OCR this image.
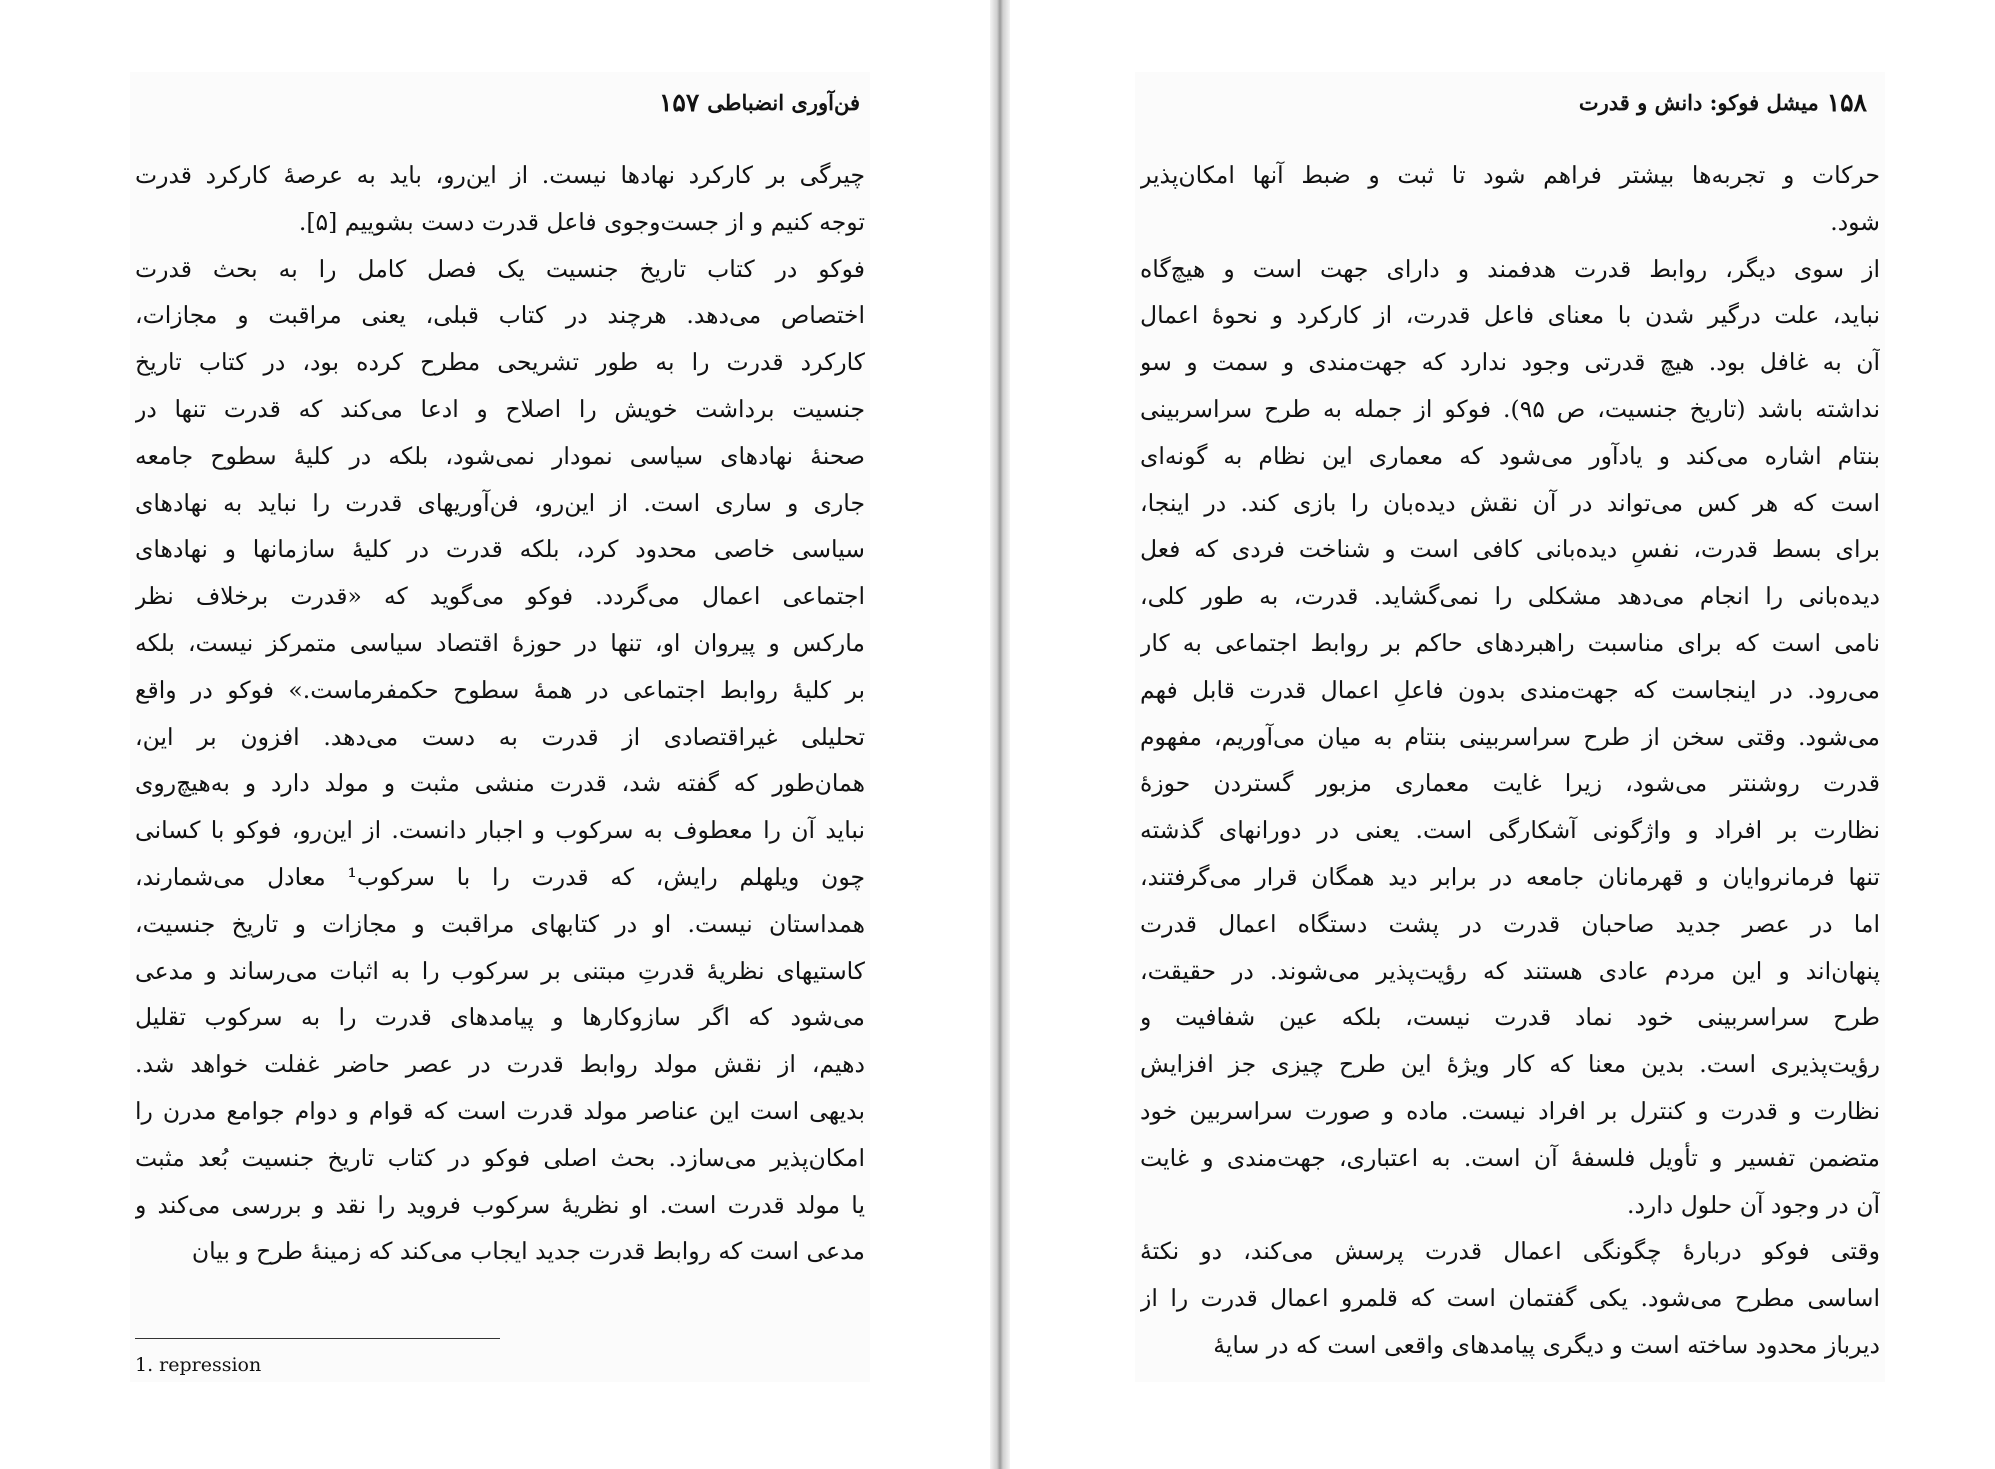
فن‌آوری انضباطی
۱۵۷
چیرگی بر کارکرد نهادها نیست. از این‌رو، باید به عرصهٔ کارکرد قدرت
توجه کنیم و از جست‌وجوی فاعل قدرت دست بشوییم [۵].
فوکو در کتاب تاریخ جنسیت یک فصل کامل را به بحث قدرت
اختصاص می‌دهد. هرچند در کتاب قبلی، یعنی مراقبت و مجازات،
کارکرد قدرت را به طور تشریحی مطرح کرده بود، در کتاب تاریخ
جنسیت برداشت خویش را اصلاح و ادعا می‌کند که قدرت تنها در
صحنهٔ نهادهای سیاسی نمودار نمی‌شود، بلکه در کلیهٔ سطوح جامعه
جاری و ساری است. از این‌رو، فن‌آوریهای قدرت را نباید به نهادهای
سیاسی خاصی محدود کرد، بلکه قدرت در کلیهٔ سازمانها و نهادهای
اجتماعی اعمال می‌گردد. فوکو می‌گوید که «قدرت برخلاف نظر
مارکس و پیروان او، تنها در حوزهٔ اقتصاد سیاسی متمرکز نیست، بلکه
بر کلیهٔ روابط اجتماعی در همهٔ سطوح حکمفرماست.» فوکو در واقع
تحلیلی غیراقتصادی از قدرت به دست می‌دهد. افزون بر این،
همان‌طور که گفته شد، قدرت منشی مثبت و مولد دارد و به‌هیچ‌روی
نباید آن را معطوف به سرکوب و اجبار دانست. از این‌رو، فوکو با کسانی
چون ویلهلم رایش، که قدرت را با سرکوب¹ معادل می‌شمارند،
همداستان نیست. او در کتابهای مراقبت و مجازات و تاریخ جنسیت،
کاستیهای نظریهٔ قدرتِ مبتنی بر سرکوب را به اثبات می‌رساند و مدعی
می‌شود که اگر سازوکارها و پیامدهای قدرت را به سرکوب تقلیل
دهیم، از نقش مولد روابط قدرت در عصر حاضر غفلت خواهد شد.
بدیهی است این عناصر مولد قدرت است که قوام و دوام جوامع مدرن را
امکان‌پذیر می‌سازد. بحث اصلی فوکو در کتاب تاریخ جنسیت بُعد مثبت
یا مولد قدرت است. او نظریهٔ سرکوب فروید را نقد و بررسی می‌کند و
مدعی است که روابط قدرت جدید ایجاب می‌کند که زمینهٔ طرح و بیان
1. repression
۱۵۸
میشل فوکو: دانش و قدرت
حرکات و تجربه‌ها بیشتر فراهم شود تا ثبت و ضبط آنها امکان‌پذیر
شود.
از سوی دیگر، روابط قدرت هدفمند و دارای جهت است و هیچ‌گاه
نباید، علت درگیر شدن با معنای فاعل قدرت، از کارکرد و نحوهٔ اعمال
آن به غافل بود. هیچ قدرتی وجود ندارد که جهت‌مندی و سمت و سو
نداشته باشد (تاریخ جنسیت، ص ۹۵). فوکو از جمله به طرح سراسربینی
بنتام اشاره می‌کند و یادآور می‌شود که معماری این نظام به گونه‌ای
است که هر کس می‌تواند در آن نقش دیده‌بان را بازی کند. در اینجا،
برای بسط قدرت، نفسِ دیده‌بانی کافی است و شناخت فردی که فعل
دیده‌بانی را انجام می‌دهد مشکلی را نمی‌گشاید. قدرت، به طور کلی،
نامی است که برای مناسبت راهبردهای حاکم بر روابط اجتماعی به کار
می‌رود. در اینجاست که جهت‌مندی بدون فاعلِ اعمال قدرت قابل فهم
می‌شود. وقتی سخن از طرح سراسربینی بنتام به میان می‌آوریم، مفهوم
قدرت روشنتر می‌شود، زیرا غایت معماری مزبور گستردن حوزهٔ
نظارت بر افراد و واژگونی آشکارگی است. یعنی در دورانهای گذشته
تنها فرمانروایان و قهرمانان جامعه در برابر دید همگان قرار می‌گرفتند،
اما در عصر جدید صاحبان قدرت در پشت دستگاه اعمال قدرت
پنهان‌اند و این مردم عادی هستند که رؤیت‌پذیر می‌شوند. در حقیقت،
طرح سراسربینی خود نماد قدرت نیست، بلکه عین شفافیت و
رؤیت‌پذیری است. بدین معنا که کار ویژهٔ این طرح چیزی جز افزایش
نظارت و قدرت و کنترل بر افراد نیست. ماده و صورت سراسربین خود
متضمن تفسیر و تأویل فلسفهٔ آن است. به اعتباری، جهت‌مندی و غایت
آن در وجود آن حلول دارد.
وقتی فوکو دربارهٔ چگونگی اعمال قدرت پرسش می‌کند، دو نکتهٔ
اساسی مطرح می‌شود. یکی گفتمان است که قلمرو اعمال قدرت را از
دیرباز محدود ساخته است و دیگری پیامدهای واقعی است که در سایهٔ
